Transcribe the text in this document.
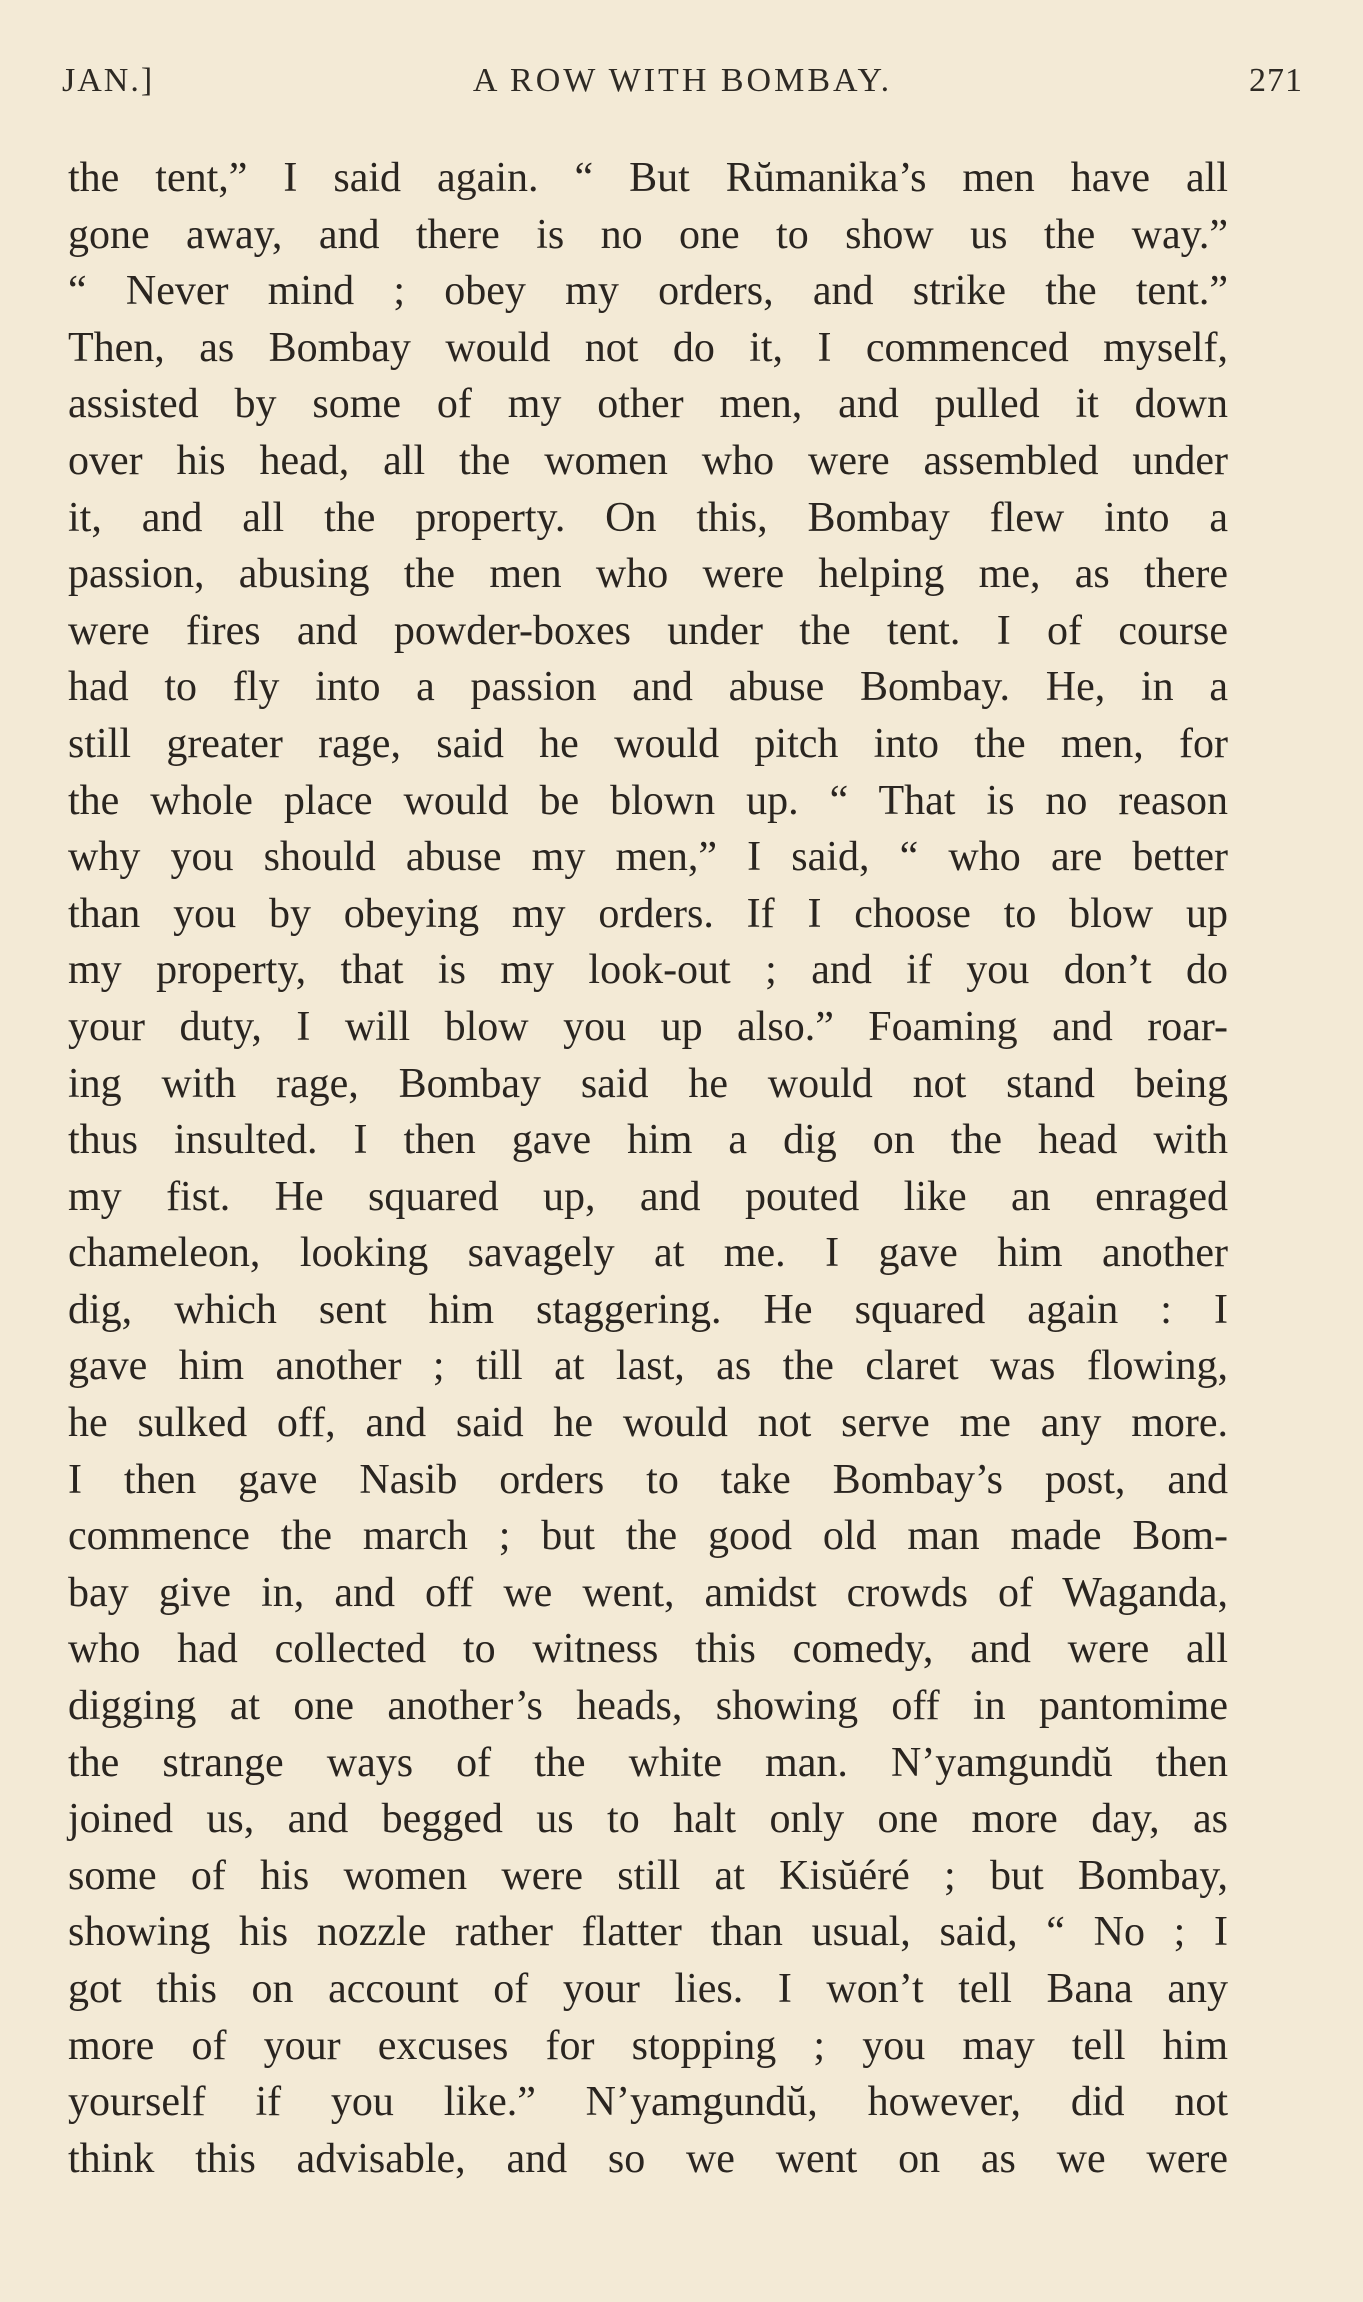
JAN.]	A ROW WITH BOMBAY.	271
the tent,” I said again. “ But Rŭmanika’s men have all
gone away, and there is no one to show us the way.”
“ Never mind ; obey my orders, and strike the tent.”
Then, as Bombay would not do it, I commenced myself,
assisted by some of my other men, and pulled it down
over his head, all the women who were assembled under
it, and all the property. On this, Bombay flew into a
passion, abusing the men who were helping me, as there
were fires and powder-boxes under the tent. I of course
had to fly into a passion and abuse Bombay. He, in a
still greater rage, said he would pitch into the men, for
the whole place would be blown up. “ That is no reason
why you should abuse my men,” I said, “ who are better
than you by obeying my orders. If I choose to blow up
my property, that is my look-out ; and if you don’t do
your duty, I will blow you up also.” Foaming and roar-
ing with rage, Bombay said he would not stand being
thus insulted. I then gave him a dig on the head with
my fist. He squared up, and pouted like an enraged
chameleon, looking savagely at me. I gave him another
dig, which sent him staggering. He squared again : I
gave him another ; till at last, as the claret was flowing,
he sulked off, and said he would not serve me any more.
I then gave Nasib orders to take Bombay’s post, and
commence the march ; but the good old man made Bom-
bay give in, and off we went, amidst crowds of Waganda,
who had collected to witness this comedy, and were all
digging at one another’s heads, showing off in pantomime
the strange ways of the white man. N’yamgundŭ then
joined us, and begged us to halt only one more day, as
some of his women were still at Kisŭéré ; but Bombay,
showing his nozzle rather flatter than usual, said, “ No ; I
got this on account of your lies. I won’t tell Bana any
more of your excuses for stopping ; you may tell him
yourself if you like.” N’yamgundŭ, however, did not
think this advisable, and so we went on as we were
